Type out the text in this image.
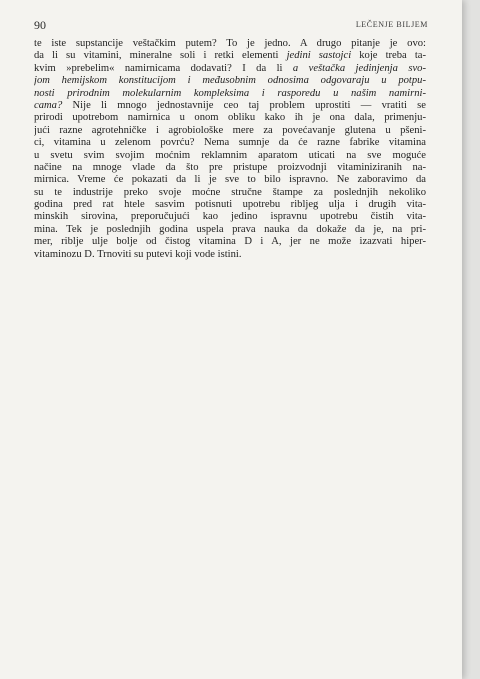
90	LEČENJE BILJEM
te iste supstancije veštačkim putem? To je jedno. A drugo pitanje je ovo:
da li su vitamini, mineralne soli i retki elementi jedini sastojci koje treba ta-
kvim »prebelim« namirnicama dodavati? I da li a veštačka jedinjenja svo-
jom hemijskom konstitucijom i međusobnim odnosima odgovaraju u potpu-
nosti prirodnim molekularnim kompleksima i rasporedu u našim namirni-
cama? Nije li mnogo jednostavnije ceo taj problem uprostiti — vratiti se
prirodi upotrebom namirnica u onom obliku kako ih je ona dala, primenju-
jući razne agrotehničke i agrobiološke mere za povećavanje glutena u pšeni-
ci, vitamina u zelenom povrću? Nema sumnje da će razne fabrike vitamina
u svetu svim svojim moćnim reklamnim aparatom uticati na sve moguće
načine na mnoge vlade da što pre pristupe proizvodnji vitaminiziranih na-
mirnica. Vreme će pokazati da li je sve to bilo ispravno. Ne zaboravimo da
su te industrije preko svoje moćne stručne štampe za poslednjih nekoliko
godina pred rat htele sasvim potisnuti upotrebu ribljeg ulja i drugih vita-
minskih sirovina, preporučujući kao jedino ispravnu upotrebu čistih vita-
mina. Tek je poslednjih godina uspela prava nauka da dokaže da je, na pri-
mer, riblje ulje bolje od čistog vitamina D i A, jer ne može izazvati hiper-
vitaminozu D. Trnoviti su putevi koji vode istini.
